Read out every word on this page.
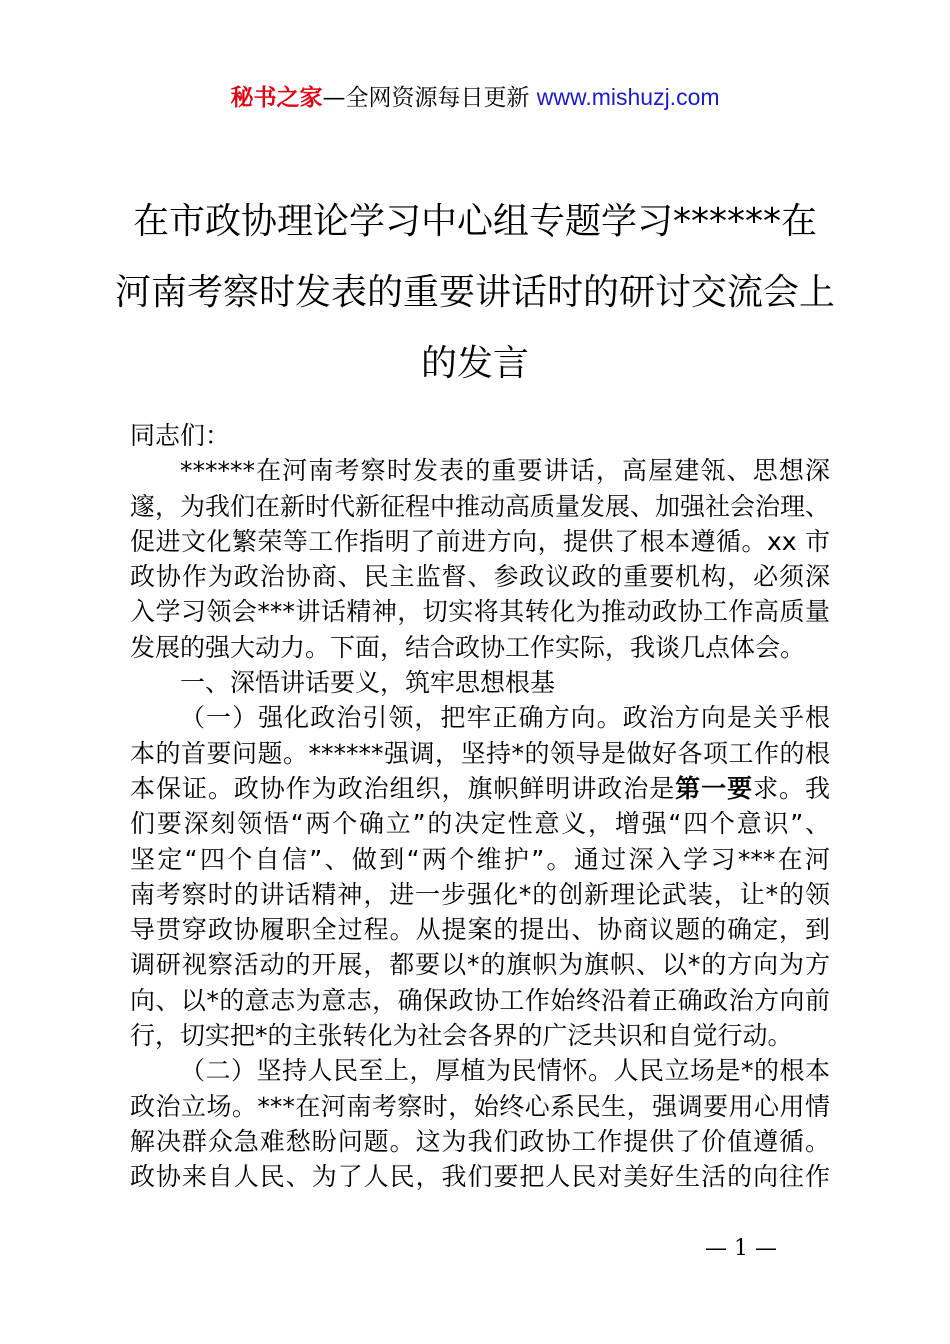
秘书之家—全网资源每日更新 www.mishuzj.com
在市政协理论学习中心组专题学习******在
河南考察时发表的重要讲话时的研讨交流会上
的发言
同志们：
******在河南考察时发表的重要讲话，高屋建瓴、思想深
邃，为我们在新时代新征程中推动高质量发展、加强社会治理、
促进文化繁荣等工作指明了前进方向，提供了根本遵循。xx 市
政协作为政治协商、民主监督、参政议政的重要机构，必须深
入学习领会***讲话精神，切实将其转化为推动政协工作高质量
发展的强大动力。下面，结合政协工作实际，我谈几点体会。
一、深悟讲话要义，筑牢思想根基
（一）强化政治引领，把牢正确方向。政治方向是关乎根
本的首要问题。******强调，坚持*的领导是做好各项工作的根
本保证。政协作为政治组织，旗帜鲜明讲政治是第一要求。我
们要深刻领悟“两个确立”的决定性意义，增强“四个意识”、
坚定“四个自信”、做到“两个维护”。通过深入学习***在河
南考察时的讲话精神，进一步强化*的创新理论武装，让*的领
导贯穿政协履职全过程。从提案的提出、协商议题的确定，到
调研视察活动的开展，都要以*的旗帜为旗帜、以*的方向为方
向、以*的意志为意志，确保政协工作始终沿着正确政治方向前
行，切实把*的主张转化为社会各界的广泛共识和自觉行动。
（二）坚持人民至上，厚植为民情怀。人民立场是*的根本
政治立场。***在河南考察时，始终心系民生，强调要用心用情
解决群众急难愁盼问题。这为我们政协工作提供了价值遵循。
政协来自人民、为了人民，我们要把人民对美好生活的向往作
— 1 —
